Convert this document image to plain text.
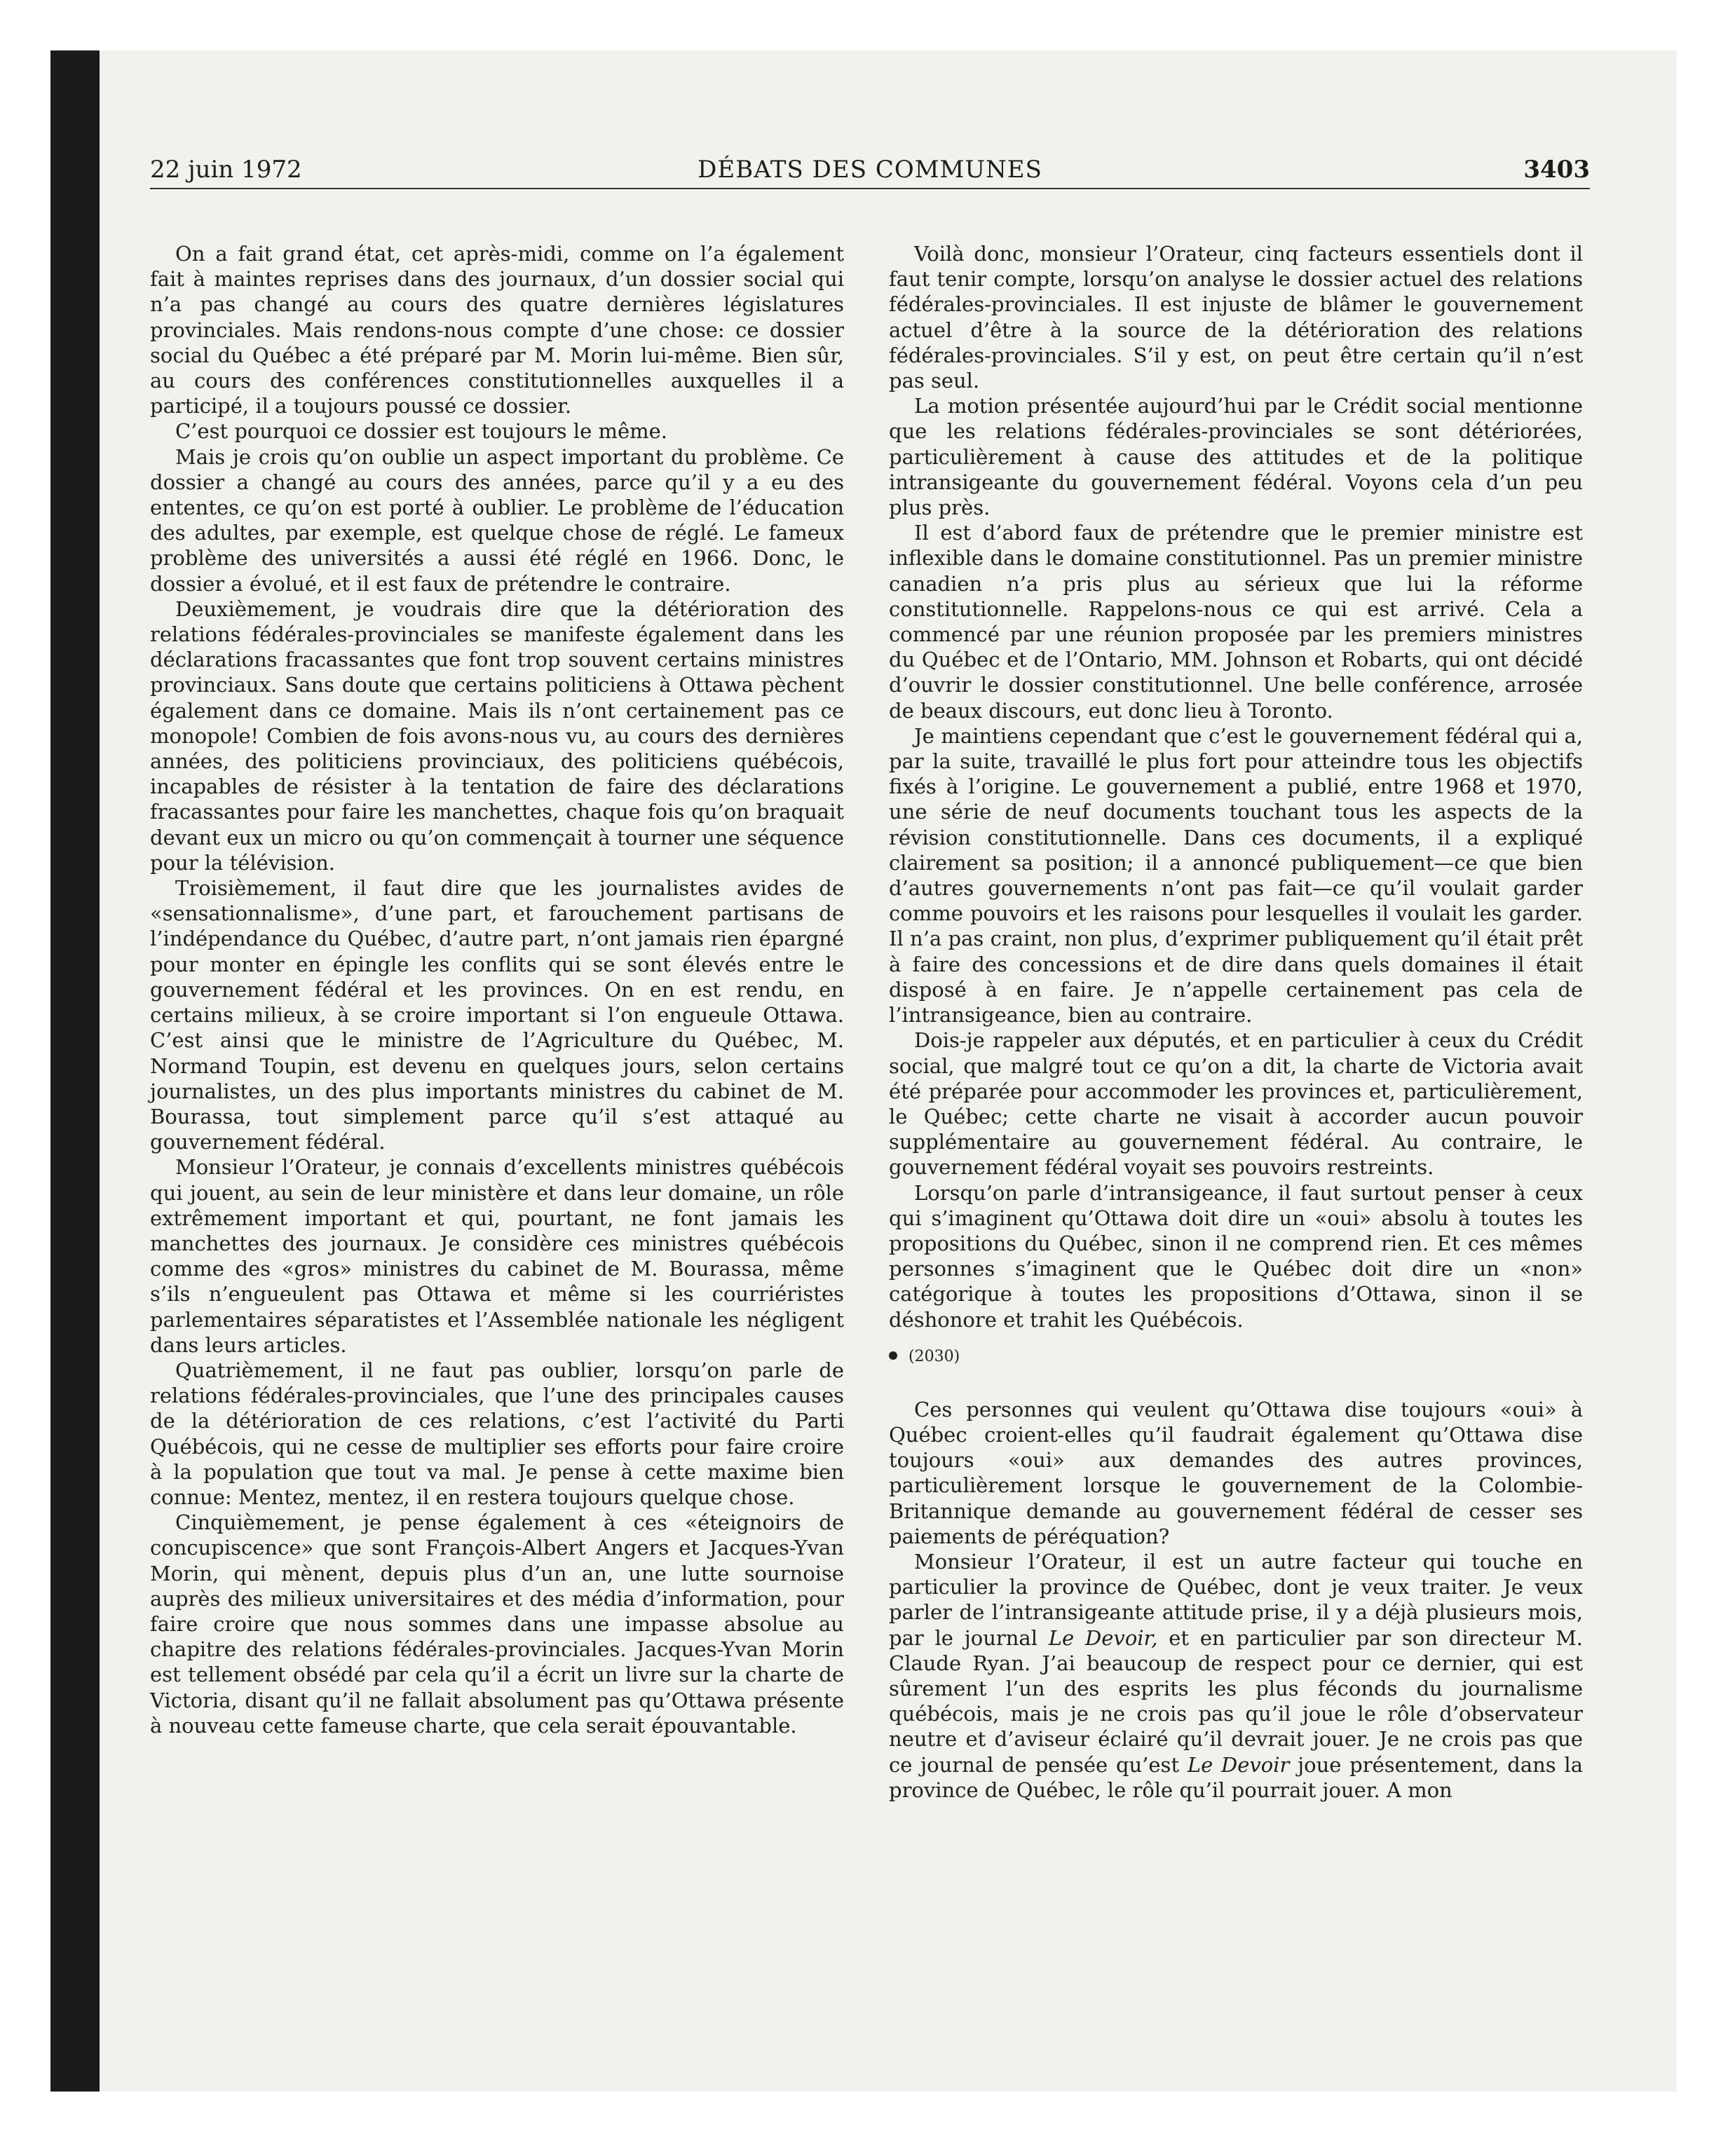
22 juin 1972	DÉBATS DES COMMUNES	3403

On a fait grand état, cet après-midi, comme on l’a également fait à maintes reprises dans des journaux, d’un dossier social qui n’a pas changé au cours des quatre dernières législatures provinciales. Mais rendons-nous compte d’une chose: ce dossier social du Québec a été préparé par M. Morin lui-même. Bien sûr, au cours des conférences constitutionnelles auxquelles il a participé, il a toujours poussé ce dossier.

C’est pourquoi ce dossier est toujours le même.

Mais je crois qu’on oublie un aspect important du problème. Ce dossier a changé au cours des années, parce qu’il y a eu des ententes, ce qu’on est porté à oublier. Le problème de l’éducation des adultes, par exemple, est quelque chose de réglé. Le fameux problème des universités a aussi été réglé en 1966. Donc, le dossier a évolué, et il est faux de prétendre le contraire.

Deuxièmement, je voudrais dire que la détérioration des relations fédérales-provinciales se manifeste également dans les déclarations fracassantes que font trop souvent certains ministres provinciaux. Sans doute que certains politiciens à Ottawa pèchent également dans ce domaine. Mais ils n’ont certainement pas ce monopole! Combien de fois avons-nous vu, au cours des dernières années, des politiciens provinciaux, des politiciens québécois, incapables de résister à la tentation de faire des déclarations fracassantes pour faire les manchettes, chaque fois qu’on braquait devant eux un micro ou qu’on commençait à tourner une séquence pour la télévision.

Troisièmement, il faut dire que les journalistes avides de «sensationnalisme», d’une part, et farouchement partisans de l’indépendance du Québec, d’autre part, n’ont jamais rien épargné pour monter en épingle les conflits qui se sont élevés entre le gouvernement fédéral et les provinces. On en est rendu, en certains milieux, à se croire important si l’on engueule Ottawa. C’est ainsi que le ministre de l’Agriculture du Québec, M. Normand Toupin, est devenu en quelques jours, selon certains journalistes, un des plus importants ministres du cabinet de M. Bourassa, tout simplement parce qu’il s’est attaqué au gouvernement fédéral.

Monsieur l’Orateur, je connais d’excellents ministres québécois qui jouent, au sein de leur ministère et dans leur domaine, un rôle extrêmement important et qui, pourtant, ne font jamais les manchettes des journaux. Je considère ces ministres québécois comme des «gros» ministres du cabinet de M. Bourassa, même s’ils n’engueulent pas Ottawa et même si les courriéristes parlementaires séparatistes et l’Assemblée nationale les négligent dans leurs articles.

Quatrièmement, il ne faut pas oublier, lorsqu’on parle de relations fédérales-provinciales, que l’une des principales causes de la détérioration de ces relations, c’est l’activité du Parti Québécois, qui ne cesse de multiplier ses efforts pour faire croire à la population que tout va mal. Je pense à cette maxime bien connue: Mentez, mentez, il en restera toujours quelque chose.

Cinquièmement, je pense également à ces «éteignoirs de concupiscence» que sont François-Albert Angers et Jacques-Yvan Morin, qui mènent, depuis plus d’un an, une lutte sournoise auprès des milieux universitaires et des média d’information, pour faire croire que nous sommes dans une impasse absolue au chapitre des relations fédérales-provinciales. Jacques-Yvan Morin est tellement obsédé par cela qu’il a écrit un livre sur la charte de Victoria, disant qu’il ne fallait absolument pas qu’Ottawa présente à nouveau cette fameuse charte, que cela serait épouvantable.

Voilà donc, monsieur l’Orateur, cinq facteurs essentiels dont il faut tenir compte, lorsqu’on analyse le dossier actuel des relations fédérales-provinciales. Il est injuste de blâmer le gouvernement actuel d’être à la source de la détérioration des relations fédérales-provinciales. S’il y est, on peut être certain qu’il n’est pas seul.

La motion présentée aujourd’hui par le Crédit social mentionne que les relations fédérales-provinciales se sont détériorées, particulièrement à cause des attitudes et de la politique intransigeante du gouvernement fédéral. Voyons cela d’un peu plus près.

Il est d’abord faux de prétendre que le premier ministre est inflexible dans le domaine constitutionnel. Pas un premier ministre canadien n’a pris plus au sérieux que lui la réforme constitutionnelle. Rappelons-nous ce qui est arrivé. Cela a commencé par une réunion proposée par les premiers ministres du Québec et de l’Ontario, MM. Johnson et Robarts, qui ont décidé d’ouvrir le dossier constitutionnel. Une belle conférence, arrosée de beaux discours, eut donc lieu à Toronto.

Je maintiens cependant que c’est le gouvernement fédéral qui a, par la suite, travaillé le plus fort pour atteindre tous les objectifs fixés à l’origine. Le gouvernement a publié, entre 1968 et 1970, une série de neuf documents touchant tous les aspects de la révision constitutionnelle. Dans ces documents, il a expliqué clairement sa position; il a annoncé publiquement—ce que bien d’autres gouvernements n’ont pas fait—ce qu’il voulait garder comme pouvoirs et les raisons pour lesquelles il voulait les garder. Il n’a pas craint, non plus, d’exprimer publiquement qu’il était prêt à faire des concessions et de dire dans quels domaines il était disposé à en faire. Je n’appelle certainement pas cela de l’intransigeance, bien au contraire.

Dois-je rappeler aux députés, et en particulier à ceux du Crédit social, que malgré tout ce qu’on a dit, la charte de Victoria avait été préparée pour accommoder les provinces et, particulièrement, le Québec; cette charte ne visait à accorder aucun pouvoir supplémentaire au gouvernement fédéral. Au contraire, le gouvernement fédéral voyait ses pouvoirs restreints.

Lorsqu’on parle d’intransigeance, il faut surtout penser à ceux qui s’imaginent qu’Ottawa doit dire un «oui» absolu à toutes les propositions du Québec, sinon il ne comprend rien. Et ces mêmes personnes s’imaginent que le Québec doit dire un «non» catégorique à toutes les propositions d’Ottawa, sinon il se déshonore et trahit les Québécois.

(2030)

Ces personnes qui veulent qu’Ottawa dise toujours «oui» à Québec croient-elles qu’il faudrait également qu’Ottawa dise toujours «oui» aux demandes des autres provinces, particulièrement lorsque le gouvernement de la Colombie-Britannique demande au gouvernement fédéral de cesser ses paiements de péréquation?

Monsieur l’Orateur, il est un autre facteur qui touche en particulier la province de Québec, dont je veux traiter. Je veux parler de l’intransigeante attitude prise, il y a déjà plusieurs mois, par le journal Le Devoir, et en particulier par son directeur M. Claude Ryan. J’ai beaucoup de respect pour ce dernier, qui est sûrement l’un des esprits les plus féconds du journalisme québécois, mais je ne crois pas qu’il joue le rôle d’observateur neutre et d’aviseur éclairé qu’il devrait jouer. Je ne crois pas que ce journal de pensée qu’est Le Devoir joue présentement, dans la province de Québec, le rôle qu’il pourrait jouer. A mon
